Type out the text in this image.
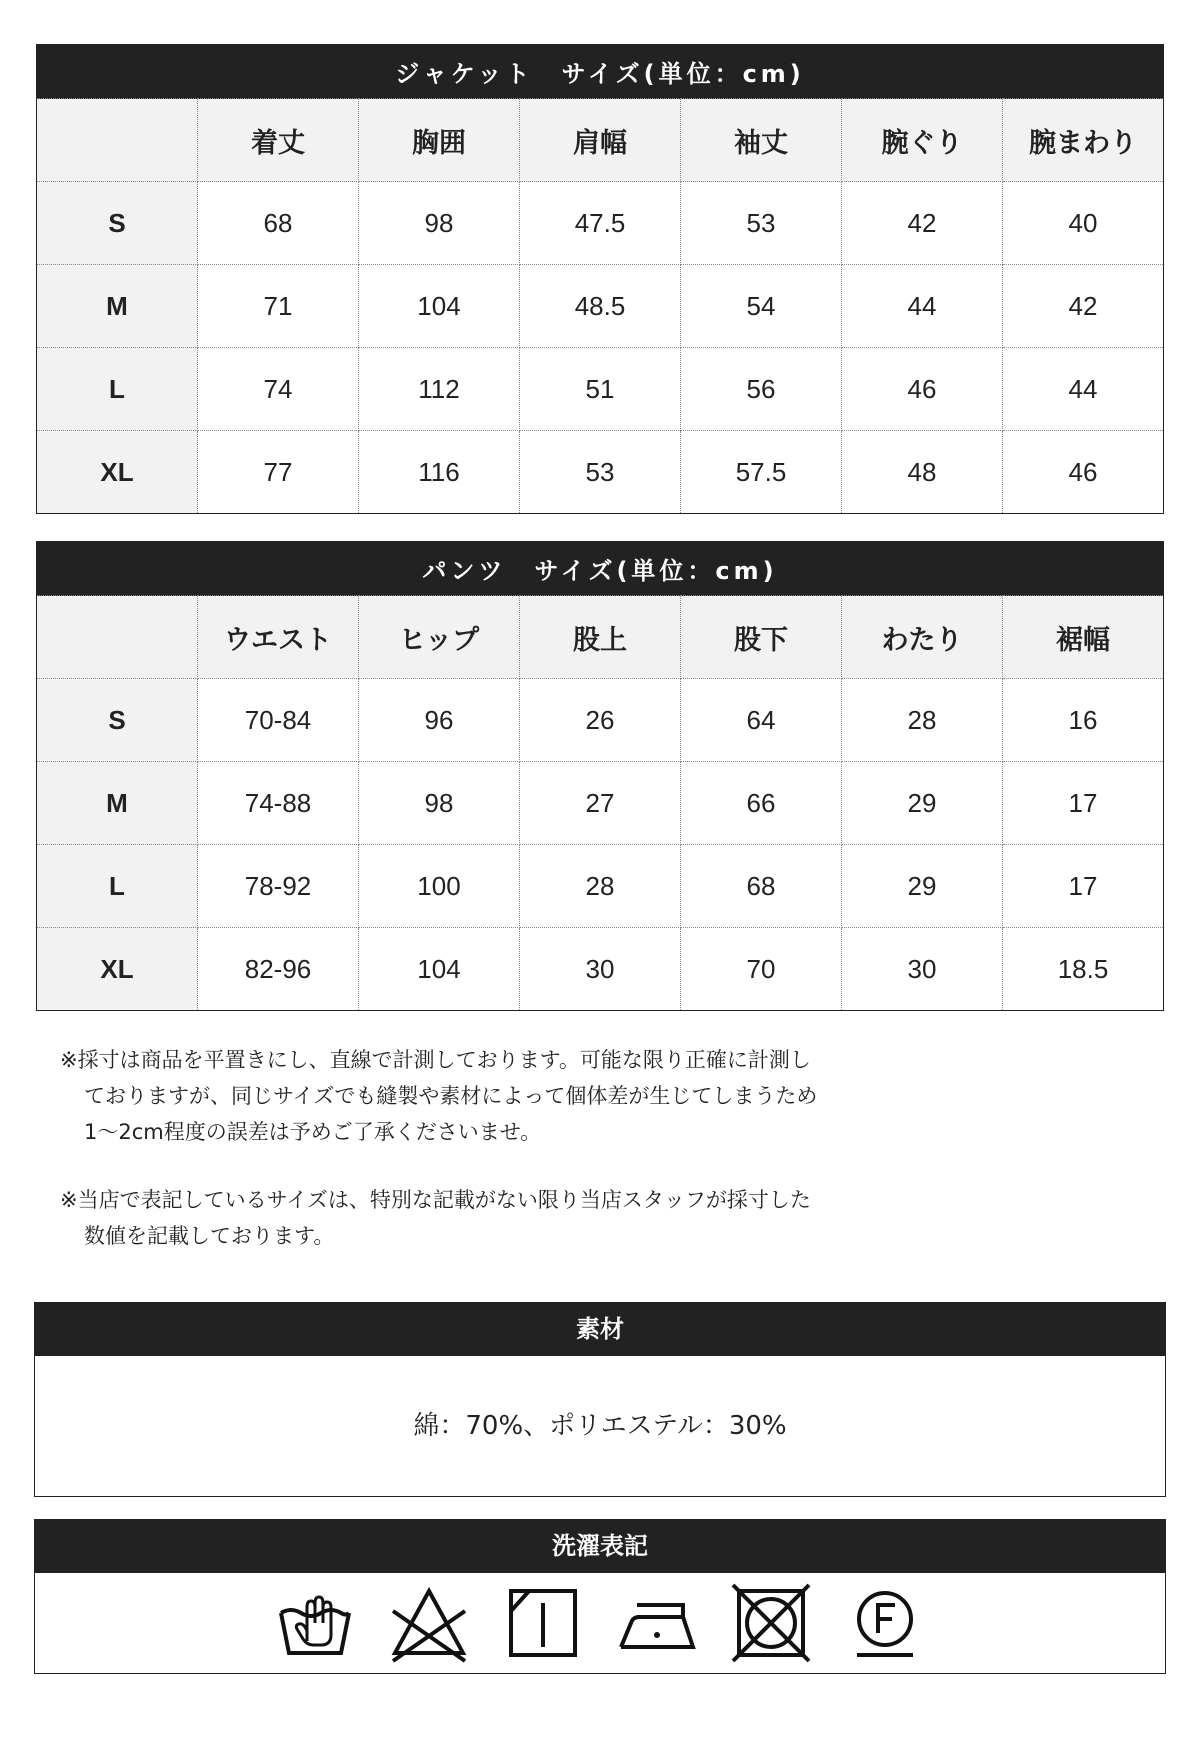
ジャケット　サイズ(単位：cm)						
	着丈	胸囲	肩幅	袖丈	腕ぐり	腕まわり
S	68	98	47.5	53	42	40
M	71	104	48.5	54	44	42
L	74	112	51	56	46	44
XL	77	116	53	57.5	48	46
パンツ　サイズ(単位：cm)						
	ウエスト	ヒップ	股上	股下	わたり	裾幅
S	70-84	96	26	64	28	16
M	74-88	98	27	66	29	17
L	78-92	100	28	68	29	17
XL	82-96	104	30	70	30	18.5

※採寸は商品を平置きにし、直線で計測しております。可能な限り正確に計測し
ておりますが、同じサイズでも縫製や素材によって個体差が生じてしまうため
1〜2cm程度の誤差は予めご了承くださいませ。

※当店で表記しているサイズは、特別な記載がない限り当店スタッフが採寸した
数値を記載しております。

素材
綿：70%、ポリエステル：30%
洗濯表記
